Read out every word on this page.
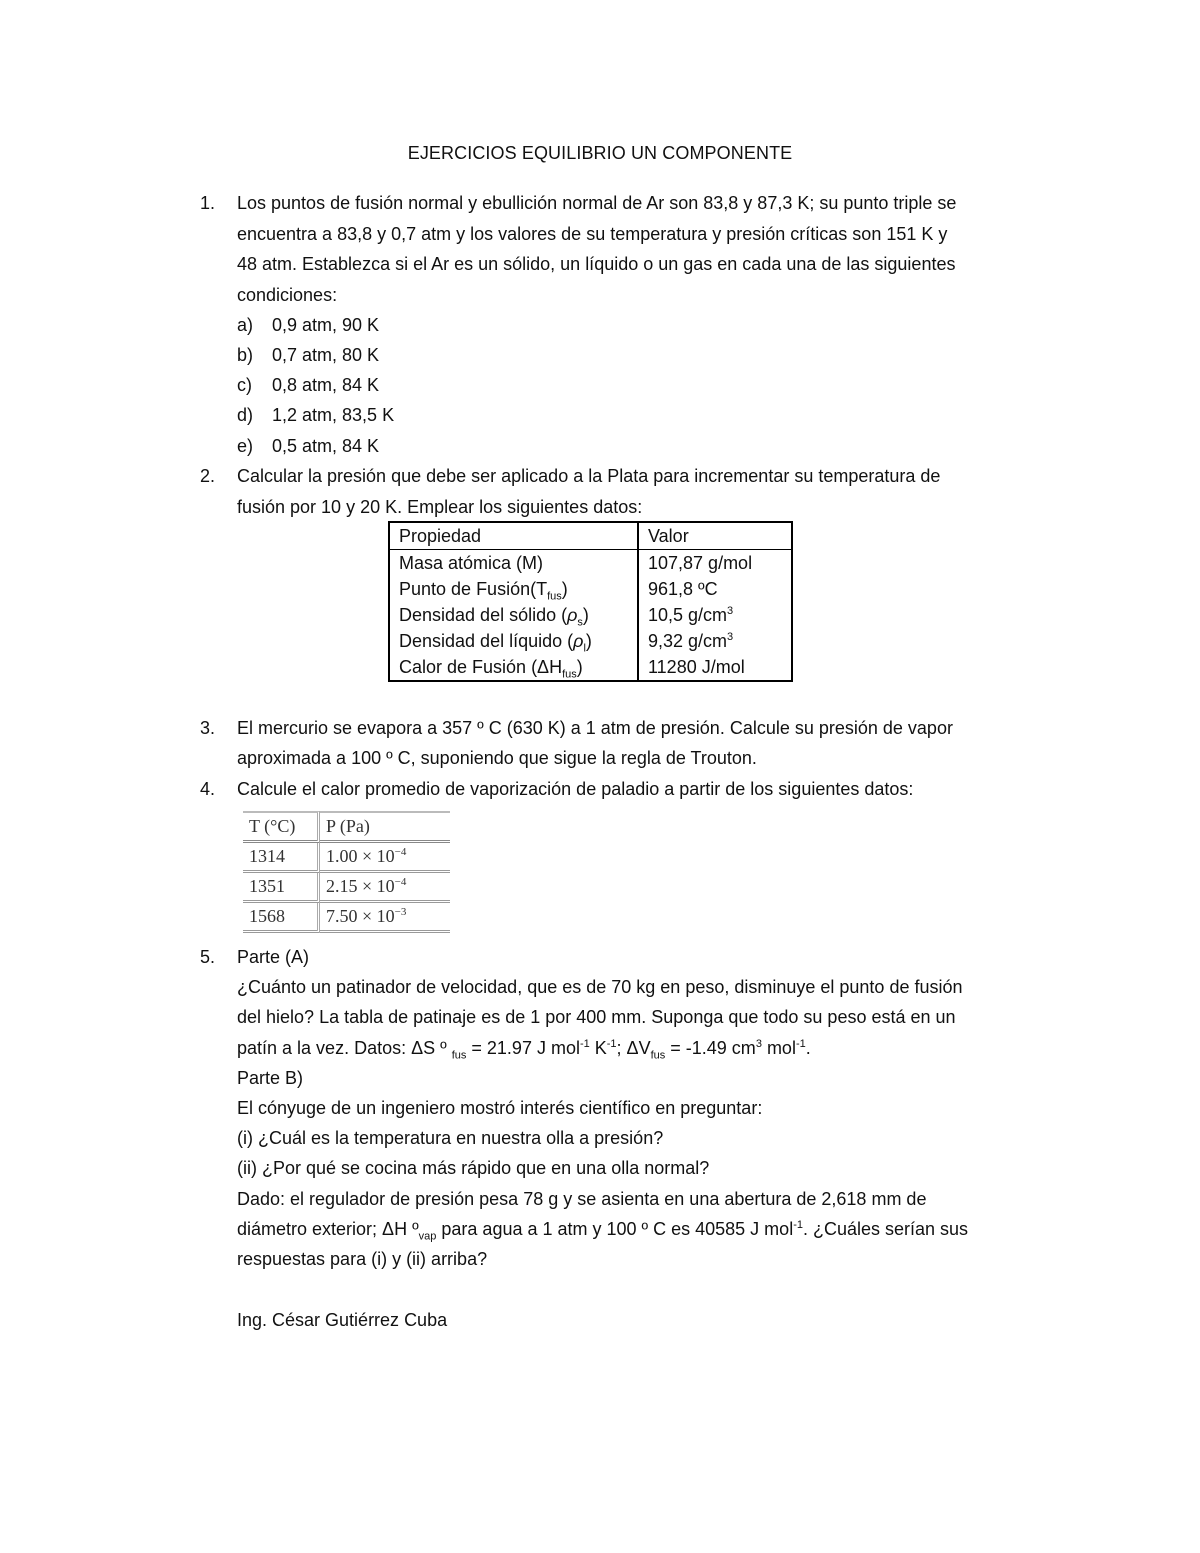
EJERCICIOS EQUILIBRIO UN COMPONENTE
1.	Los puntos de fusión normal y ebullición normal de Ar son 83,8 y 87,3 K; su punto triple se
encuentra a 83,8 y 0,7 atm y los valores de su temperatura y presión críticas son 151 K y
48 atm. Establezca si el Ar es un sólido, un líquido o un gas en cada una de las siguientes
condiciones:
a) 0,9 atm, 90 K
b) 0,7 atm, 80 K
c) 0,8 atm, 84 K
d) 1,2 atm, 83,5 K
e) 0,5 atm, 84 K
2.	Calcular la presión que debe ser aplicado a la Plata para incrementar su temperatura de
fusión por 10 y 20 K. Emplear los siguientes datos:
Propiedad	Valor
Masa atómica (M)	107,87 g/mol
Punto de $Fusión(T_{fus})$	961,8 ºC
Densidad del sólido $(\rho_s)$	10,5 $g/cm^3$
Densidad del líquido $(\rho_l)$	9,32 $g/cm^3$
Calor de Fusión $(\Delta H_{fus})$	11280 J/mol
3.	El mercurio se evapora a 357 º C (630 K) a 1 atm de presión. Calcule su presión de vapor
aproximada a 100 º C, suponiendo que sigue la regla de Trouton.
4.	Calcule el calor promedio de vaporización de paladio a partir de los siguientes datos:
T (°C)	P (Pa)
1314	$1.00 \times 10^{-4}$
1351	$2.15 \times 10^{-4}$
1568	$7.50 \times 10^{-3}$
5.	Parte (A)
¿Cuánto un patinador de velocidad, que es de 70 kg en peso, disminuye el punto de fusión
del hielo? La tabla de patinaje es de 1 por 400 mm. Suponga que todo su peso está en un
patín a la vez. Datos: ΔS º $_{fus}$ = 21.97 J mol$^{-1}$ $K^{-1}$; $\Delta V_{fus} = -1.49$ $cm^3$ mol$^{-1}$.
Parte B)
El cónyuge de un ingeniero mostró interés científico en preguntar:
(i) ¿Cuál es la temperatura en nuestra olla a presión?
(ii) ¿Por qué se cocina más rápido que en una olla normal?
Dado: el regulador de presión pesa 78 g y se asienta en una abertura de 2,618 mm de
diámetro exterior; ΔH º$_{vap}$ para agua a 1 atm y 100 º C es 40585 J mol$^{-1}$. ¿Cuáles serían sus
respuestas para (i) y (ii) arriba?
Ing. César Gutiérrez Cuba
